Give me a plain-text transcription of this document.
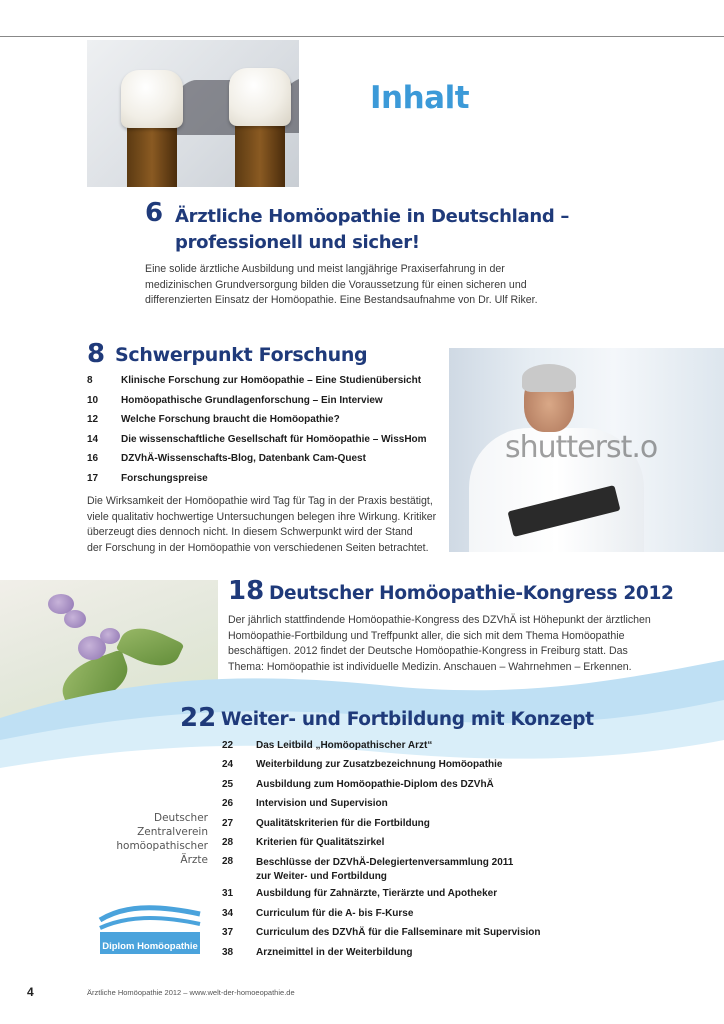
Inhalt
6 Ärztliche Homöopathie in Deutschland –
professionell und sicher!
Eine solide ärztliche Ausbildung und meist langjährige Praxiserfahrung in der
medizinischen Grundversorgung bilden die Voraussetzung für einen sicheren und
differenzierten Einsatz der Homöopathie. Eine Bestandsaufnahme von Dr. Ulf Riker.
8 Schwerpunkt Forschung
8	Klinische Forschung zur Homöopathie – Eine Studienübersicht
10	Homöopathische Grundlagenforschung – Ein Interview
12	Welche Forschung braucht die Homöopathie?
14	Die wissenschaftliche Gesellschaft für Homöopathie – WissHom
16	DZVhÄ-Wissenschafts-Blog, Datenbank Cam-Quest
17	Forschungspreise
Die Wirksamkeit der Homöopathie wird Tag für Tag in der Praxis bestätigt,
viele qualitativ hochwertige Untersuchungen belegen ihre Wirkung. Kritiker
überzeugt dies dennoch nicht. In diesem Schwerpunkt wird der Stand
der Forschung in der Homöopathie von verschiedenen Seiten betrachtet.
shutterst.o
18 Deutscher Homöopathie-Kongress 2012
Der jährlich stattfindende Homöopathie-Kongress des DZVhÄ ist Höhepunkt der ärztlichen
Homöopathie-Fortbildung und Treffpunkt aller, die sich mit dem Thema Homöopathie
beschäftigen. 2012 findet der Deutsche Homöopathie-Kongress in Freiburg statt. Das
Thema: Homöopathie ist individuelle Medizin. Anschauen – Wahrnehmen – Erkennen.
22 Weiter- und Fortbildung mit Konzept
22	Das Leitbild „Homöopathischer Arzt“
24	Weiterbildung zur Zusatzbezeichnung Homöopathie
25	Ausbildung zum Homöopathie-Diplom des DZVhÄ
26	Intervision und Supervision
27	Qualitätskriterien für die Fortbildung
28	Kriterien für Qualitätszirkel
28	Beschlüsse der DZVhÄ-Delegiertenversammlung 2011
zur Weiter- und Fortbildung
31	Ausbildung für Zahnärzte, Tierärzte und Apotheker
34	Curriculum für die A- bis F-Kurse
37	Curriculum des DZVhÄ für die Fallseminare mit Supervision
38	Arzneimittel in der Weiterbildung
Deutscher Zentralverein
homöopathischer Ärzte
Diplom Homöopathie
4	Ärztliche Homöopathie 2012 – www.welt-der-homoeopathie.de
